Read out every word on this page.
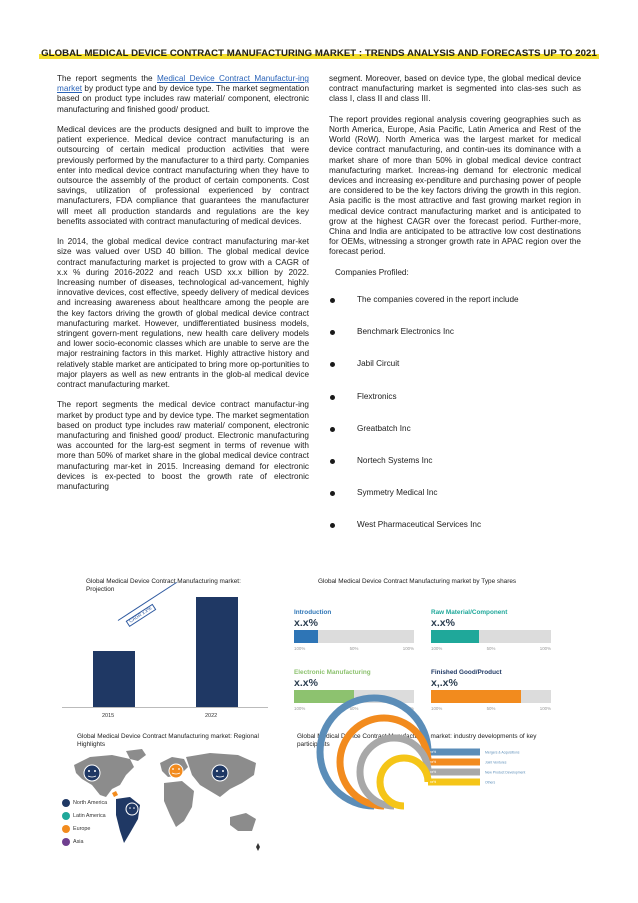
GLOBAL MEDICAL DEVICE CONTRACT MANUFACTURING MARKET : TRENDS ANALYSIS AND FORECASTS UP TO 2021

The report segments the Medical Device Contract Manufactur-ing market by product type and by device type. The market segmentation based on product type includes raw material/ component, electronic manufacturing and finished good/ product.

Medical devices are the products designed and built to improve the patient experience. Medical device contract manufacturing is an outsourcing of certain medical production activities that were previously performed by the manufacturer to a third party. Companies enter into medical device contract manufacturing when they have to outsource the assembly of the product of certain components. Cost savings, utilization of professional experienced by contract manufacturers, FDA compliance that guarantees the manufacturer will meet all production standards and regulations are the key benefits associated with contract manufacturing of medical devices.

In 2014, the global medical device contract manufacturing mar-ket size was valued over USD 40 billion. The global medical device contract manufacturing market is projected to grow with a CAGR of x.x % during 2016-2022 and reach USD xx.x billion by 2022. Increasing number of diseases, technological ad-vancement, highly innovative devices, cost effective, speedy delivery of medical devices and increasing awareness about healthcare among the people are the key factors driving the growth of global medical device contract manufacturing market. However, undifferentiated business models, stringent govern-ment regulations, new health care delivery models and lower socio-economic classes which are unable to serve are the major restraining factors in this market. Highly attractive history and relatively stable market are anticipated to bring more op-portunities to major players as well as new entrants in the glob-al medical device contract manufacturing market.

The report segments the medical device contract manufactur-ing market by product type and by device type. The market segmentation based on product type includes raw material/ component, electronic manufacturing and finished good/ product. Electronic manufacturing was accounted for the larg-est segment in terms of revenue with more than 50% of market share in the global medical device contract manufacturing mar-ket in 2015. Increasing demand for electronic devices is ex-pected to boost the growth rate of electronic manufacturing

segment. Moreover, based on device type, the global medical device contract manufacturing market is segmented into clas-ses such as class I, class II and class III.

The report provides regional analysis covering geographies such as North America, Europe, Asia Pacific, Latin America and Rest of the World (RoW). North America was the largest market for medical device contract manufacturing, and contin-ues its dominance with a market share of more than 50% in global medical device contract manufacturing market. Increas-ing demand for electronic medical devices and increasing ex-penditure and purchasing power of people are considered to be the key factors driving the growth in this region. Asia pacific is the most attractive and fast growing market region in medical device contract manufacturing market and is anticipated to grow at the highest CAGR over the forecast period. Further-more, China and India are anticipated to be attractive low cost destinations for OEMs, witnessing a stronger growth rate in APAC region over the forecast period.

Companies Profiled:
The companies covered in the report include
Benchmark Electronics Inc
Jabil Circuit
Flextronics
Greatbatch Inc
Nortech Systems Inc
Symmetry Medical Inc
West Pharmaceutical Services Inc
Global Medical Device Contract Manufacturing market: Projection
2015	2022
CAGR x.x%
Global Medical Device Contract Manufacturing market by Type shares
Introduction
x.x%
100%	50%	100%
Raw Material/Component
x.x%
100%	50%	100%
Electronic Manufacturing
x.x%
100%	50%	100%
Finished Good/Product
x,.x%
100%	50%	100%
Global Medical Device Contract Manufacturing market: Regional Highlights
North America
Latin America
Europe
Asia
Global Medical Device Contract Manufacturing market: industry developments of key participants
xx%	Mergers & Acquisitions
xx%	Joint Ventures
xx%	New Product Development
xx%	Others
